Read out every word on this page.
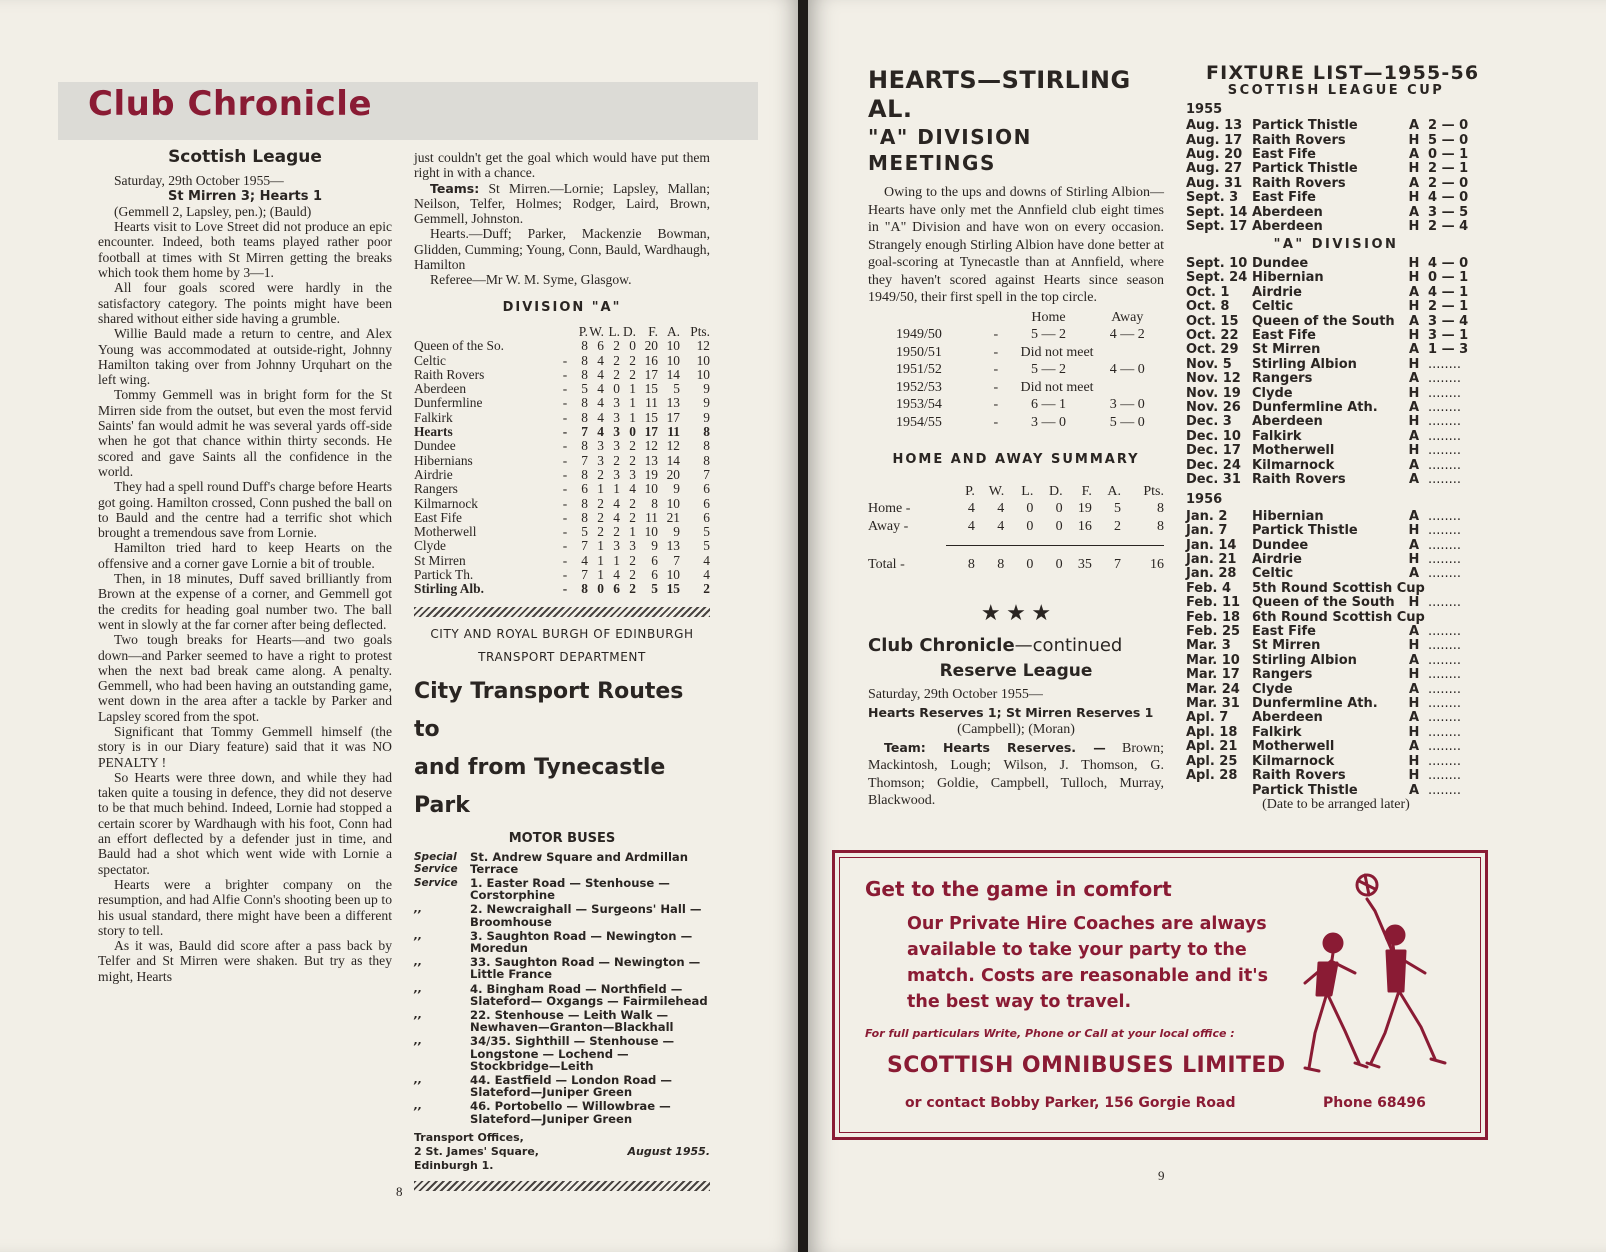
Club Chronicle
Scottish League

Saturday, 29th October 1955—

St Mirren 3; Hearts 1

(Gemmell 2, Lapsley, pen.); (Bauld)

Hearts visit to Love Street did not produce an epic encounter. Indeed, both teams played rather poor football at times with St Mirren getting the breaks which took them home by 3—1.

All four goals scored were hardly in the satisfactory category. The points might have been shared without either side having a grumble.

Willie Bauld made a return to centre, and Alex Young was accommodated at outside-right, Johnny Hamilton taking over from Johnny Urquhart on the left wing.

Tommy Gemmell was in bright form for the St Mirren side from the outset, but even the most fervid Saints' fan would admit he was several yards off-side when he got that chance within thirty seconds. He scored and gave Saints all the confidence in the world.

They had a spell round Duff's charge before Hearts got going. Hamilton crossed, Conn pushed the ball on to Bauld and the centre had a terrific shot which brought a tremendous save from Lornie.

Hamilton tried hard to keep Hearts on the offensive and a corner gave Lornie a bit of trouble.

Then, in 18 minutes, Duff saved brilliantly from Brown at the expense of a corner, and Gemmell got the credits for heading goal number two. The ball went in slowly at the far corner after being deflected.

Two tough breaks for Hearts—and two goals down—and Parker seemed to have a right to protest when the next bad break came along. A penalty. Gemmell, who had been having an outstanding game, went down in the area after a tackle by Parker and Lapsley scored from the spot.

Significant that Tommy Gemmell himself (the story is in our Diary feature) said that it was NO PENALTY !

So Hearts were three down, and while they had taken quite a tousing in defence, they did not deserve to be that much behind. Indeed, Lornie had stopped a certain scorer by Wardhaugh with his foot, Conn had an effort deflected by a defender just in time, and Bauld had a shot which went wide with Lornie a spectator.

Hearts were a brighter company on the resumption, and had Alfie Conn's shooting been up to his usual standard, there might have been a different story to tell.

As it was, Bauld did score after a pass back by Telfer and St Mirren were shaken. But try as they might, Hearts

just couldn't get the goal which would have put them right in with a chance.

Teams: St Mirren.—Lornie; Lapsley, Mallan; Neilson, Telfer, Holmes; Rodger, Laird, Brown, Gemmell, Johnston.

Hearts.—Duff; Parker, Mackenzie Bowman, Glidden, Cumming; Young, Conn, Bauld, Wardhaugh, Hamilton

Referee—Mr W. M. Syme, Glasgow.

DIVISION "A"
		P.	W.	L.	D.	F.	A.	Pts.
Queen of the So.		8	6	2	0	20	10	12
Celtic	-	8	4	2	2	16	10	10
Raith Rovers	-	8	4	2	2	17	14	10
Aberdeen	-	5	4	0	1	15	5	9
Dunfermline	-	8	4	3	1	11	13	9
Falkirk	-	8	4	3	1	15	17	9
Hearts	-	7	4	3	0	17	11	8
Dundee	-	8	3	3	2	12	12	8
Hibernians	-	7	3	2	2	13	14	8
Airdrie	-	8	2	3	3	19	20	7
Rangers	-	6	1	1	4	10	9	6
Kilmarnock	-	8	2	4	2	8	10	6
East Fife	-	8	2	4	2	11	21	6
Motherwell	-	5	2	2	1	10	9	5
Clyde	-	7	1	3	3	9	13	5
St Mirren	-	4	1	1	2	6	7	4
Partick Th.	-	7	1	4	2	6	10	4
Stirling Alb.	-	8	0	6	2	5	15	2
CITY AND ROYAL BURGH OF EDINBURGH
TRANSPORT DEPARTMENT
City Transport Routes to
and from Tynecastle Park
MOTOR BUSES
Special Service
St. Andrew Square and Ardmillan Terrace
Service	1. Easter Road — Stenhouse — Corstorphine
,,	2. Newcraighall — Surgeons' Hall —Broomhouse
,,	3. Saughton Road — Newington — Moredun
,,	33. Saughton Road — Newington — Little France
,,	4. Bingham Road — Northfield — Slateford— Oxgangs — Fairmilehead
,,	22. Stenhouse — Leith Walk — Newhaven—Granton—Blackhall
,,	34/35. Sighthill — Stenhouse — Longstone — Lochend — Stockbridge—Leith
,,	44. Eastfield — London Road — Slateford—Juniper Green
,,	46. Portobello — Willowbrae — Slateford—Juniper Green
Transport Offices,
2 St. James' Square,
Edinburgh 1.
August 1955.
8
HEARTS—STIRLING AL.
"A" DIVISION MEETINGS

Owing to the ups and downs of Stirling Albion—Hearts have only met the Annfield club eight times in "A" Division and have won on every occasion. Strangely enough Stirling Albion have done better at goal-scoring at Tynecastle than at Annfield, where they haven't scored against Hearts since season 1949/50, their first spell in the top circle.

		Home	Away
1949/50	-	5 — 2	4 — 2
1950/51	-	Did not meet	
1951/52	-	5 — 2	4 — 0
1952/53	-	Did not meet	
1953/54	-	6 — 1	3 — 0
1954/55	-	3 — 0	5 — 0
HOME AND AWAY SUMMARY
	P.	W.	L.	D.	F.	A.	Pts.
Home -	4	4	0	0	19	5	8
Away -	4	4	0	0	16	2	8

Total -	8	8	0	0	35	7	16
★ ★ ★
Club Chronicle—continued
Reserve League

Saturday, 29th October 1955—

Hearts Reserves 1; St Mirren Reserves 1

(Campbell); (Moran)

Team: Hearts Reserves. — Brown; Mackintosh, Lough; Wilson, J. Thomson, G. Thomson; Goldie, Campbell, Tulloch, Murray, Blackwood.

FIXTURE LIST—1955-56
SCOTTISH LEAGUE CUP
1955
Aug. 13	Partick Thistle	A	2 — 0
Aug. 17	Raith Rovers	H	5 — 0
Aug. 20	East Fife	A	0 — 1
Aug. 27	Partick Thistle	H	2 — 1
Aug. 31	Raith Rovers	A	2 — 0
Sept. 3	East Fife	H	4 — 0
Sept. 14	Aberdeen	A	3 — 5
Sept. 17	Aberdeen	H	2 — 4
"A" DIVISION
Sept. 10	Dundee	H	4 — 0
Sept. 24	Hibernian	H	0 — 1
Oct. 1	Airdrie	A	4 — 1
Oct. 8	Celtic	H	2 — 1
Oct. 15	Queen of the South	A	3 — 4
Oct. 22	East Fife	H	3 — 1
Oct. 29	St Mirren	A	1 — 3
Nov. 5	Stirling Albion	H	........
Nov. 12	Rangers	A	........
Nov. 19	Clyde	H	........
Nov. 26	Dunfermline Ath.	A	........
Dec. 3	Aberdeen	H	........
Dec. 10	Falkirk	A	........
Dec. 17	Motherwell	H	........
Dec. 24	Kilmarnock	A	........
Dec. 31	Raith Rovers	A	........
1956
Jan. 2	Hibernian	A	........
Jan. 7	Partick Thistle	H	........
Jan. 14	Dundee	A	........
Jan. 21	Airdrie	H	........
Jan. 28	Celtic	A	........
Feb. 4	5th Round Scottish Cup		
Feb. 11	Queen of the South	H	........
Feb. 18	6th Round Scottish Cup		
Feb. 25	East Fife	A	........
Mar. 3	St Mirren	H	........
Mar. 10	Stirling Albion	A	........
Mar. 17	Rangers	H	........
Mar. 24	Clyde	A	........
Mar. 31	Dunfermline Ath.	H	........
Apl. 7	Aberdeen	A	........
Apl. 18	Falkirk	H	........
Apl. 21	Motherwell	A	........
Apl. 25	Kilmarnock	H	........
Apl. 28	Raith Rovers	H	........
	Partick Thistle	A	........
(Date to be arranged later)
Get to the game in comfort
Our Private Hire Coaches are always available to take your party to the match. Costs are reasonable and it's the best way to travel.
For full particulars Write, Phone or Call at your local office :
SCOTTISH OMNIBUSES LIMITED
or contact Bobby Parker, 156 Gorgie Road	Phone 68496
9
